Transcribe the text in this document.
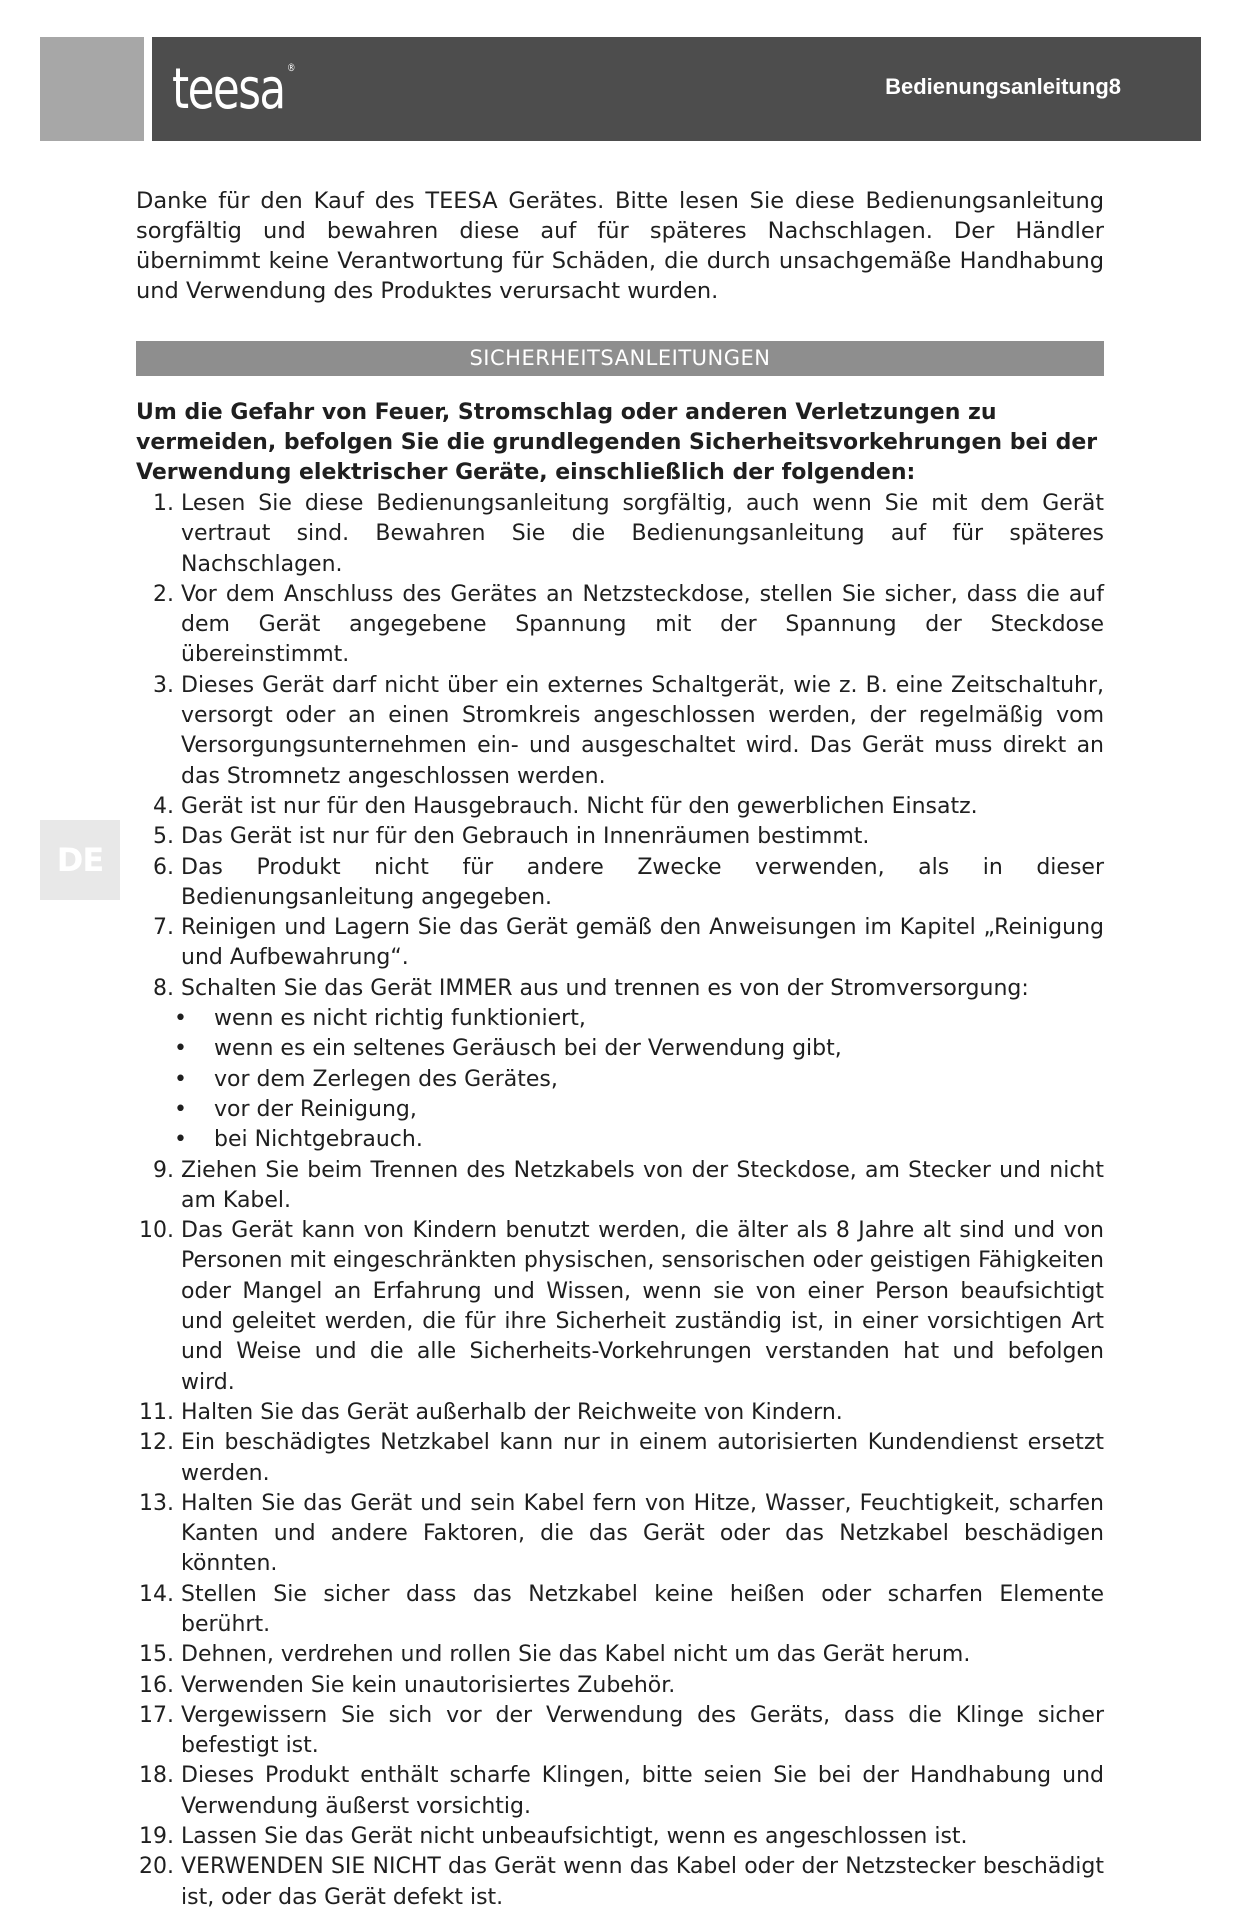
teesa ®
Bedienungsanleitung8

Danke für den Kauf des TEESA Gerätes. Bitte lesen Sie diese Bedienungsanleitung sorgfältig und bewahren diese auf für späteres Nachschlagen. Der Händler übernimmt keine Verantwortung für Schäden, die durch unsachgemäße Handhabung und Verwendung des Produktes verursacht wurden.

SICHERHEITSANLEITUNGEN

Um die Gefahr von Feuer, Stromschlag oder anderen Verletzungen zu vermeiden, befolgen Sie die grundlegenden Sicherheitsvorkehrungen bei der Verwendung elektrischer Geräte, einschließlich der folgenden:

1. Lesen Sie diese Bedienungsanleitung sorgfältig, auch wenn Sie mit dem Gerät vertraut sind. Bewahren Sie die Bedienungsanleitung auf für späteres Nachschlagen.
2. Vor dem Anschluss des Gerätes an Netzsteckdose, stellen Sie sicher, dass die auf dem Gerät angegebene Spannung mit der Spannung der Steckdose übereinstimmt.
3. Dieses Gerät darf nicht über ein externes Schaltgerät, wie z. B. eine Zeitschaltuhr, versorgt oder an einen Stromkreis angeschlossen werden, der regelmäßig vom Versorgungsunternehmen ein- und ausgeschaltet wird. Das Gerät muss direkt an das Stromnetz angeschlossen werden.
4. Gerät ist nur für den Hausgebrauch. Nicht für den gewerblichen Einsatz.
5. Das Gerät ist nur für den Gebrauch in Innenräumen bestimmt.
6. Das Produkt nicht für andere Zwecke verwenden, als in dieser Bedienungsanleitung angegeben.
7. Reinigen und Lagern Sie das Gerät gemäß den Anweisungen im Kapitel „Reinigung und Aufbewahrung“.
8. Schalten Sie das Gerät IMMER aus und trennen es von der Stromversorgung:
•	wenn es nicht richtig funktioniert,
•	wenn es ein seltenes Geräusch bei der Verwendung gibt,
•	vor dem Zerlegen des Gerätes,
•	vor der Reinigung,
•	bei Nichtgebrauch.
9. Ziehen Sie beim Trennen des Netzkabels von der Steckdose, am Stecker und nicht am Kabel.
10. Das Gerät kann von Kindern benutzt werden, die älter als 8 Jahre alt sind und von Personen mit eingeschränkten physischen, sensorischen oder geistigen Fähigkeiten oder Mangel an Erfahrung und Wissen, wenn sie von einer Person beaufsichtigt und geleitet werden, die für ihre Sicherheit zuständig ist, in einer vorsichtigen Art und Weise und die alle Sicherheits-Vorkehrungen verstanden hat und befolgen wird.
11. Halten Sie das Gerät außerhalb der Reichweite von Kindern.
12. Ein beschädigtes Netzkabel kann nur in einem autorisierten Kundendienst ersetzt werden.
13. Halten Sie das Gerät und sein Kabel fern von Hitze, Wasser, Feuchtigkeit, scharfen Kanten und andere Faktoren, die das Gerät oder das Netzkabel beschädigen könnten.
14. Stellen Sie sicher dass das Netzkabel keine heißen oder scharfen Elemente berührt.
15. Dehnen, verdrehen und rollen Sie das Kabel nicht um das Gerät herum.
16. Verwenden Sie kein unautorisiertes Zubehör.
17. Vergewissern Sie sich vor der Verwendung des Geräts, dass die Klinge sicher befestigt ist.
18. Dieses Produkt enthält scharfe Klingen, bitte seien Sie bei der Handhabung und Verwendung äußerst vorsichtig.
19. Lassen Sie das Gerät nicht unbeaufsichtigt, wenn es angeschlossen ist.
20. VERWENDEN SIE NICHT das Gerät wenn das Kabel oder der Netzstecker beschädigt ist, oder das Gerät defekt ist.
DE
